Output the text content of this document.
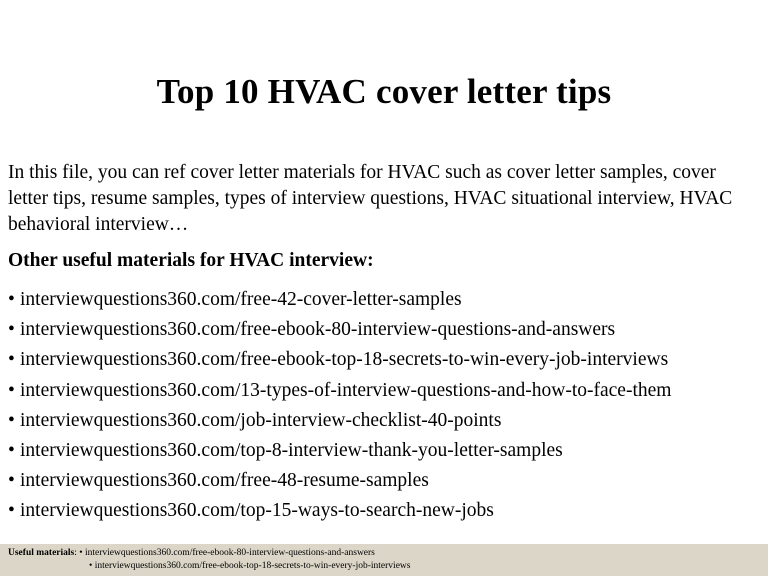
Top 10 HVAC cover letter tips
In this file, you can ref cover letter materials for HVAC such as cover letter samples, cover letter tips, resume samples, types of interview questions, HVAC situational interview, HVAC behavioral interview…
Other useful materials for HVAC interview:
• interviewquestions360.com/free-42-cover-letter-samples
• interviewquestions360.com/free-ebook-80-interview-questions-and-answers
• interviewquestions360.com/free-ebook-top-18-secrets-to-win-every-job-interviews
• interviewquestions360.com/13-types-of-interview-questions-and-how-to-face-them
• interviewquestions360.com/job-interview-checklist-40-points
• interviewquestions360.com/top-8-interview-thank-you-letter-samples
• interviewquestions360.com/free-48-resume-samples
• interviewquestions360.com/top-15-ways-to-search-new-jobs
Useful materials: • interviewquestions360.com/free-ebook-80-interview-questions-and-answers
• interviewquestions360.com/free-ebook-top-18-secrets-to-win-every-job-interviews
